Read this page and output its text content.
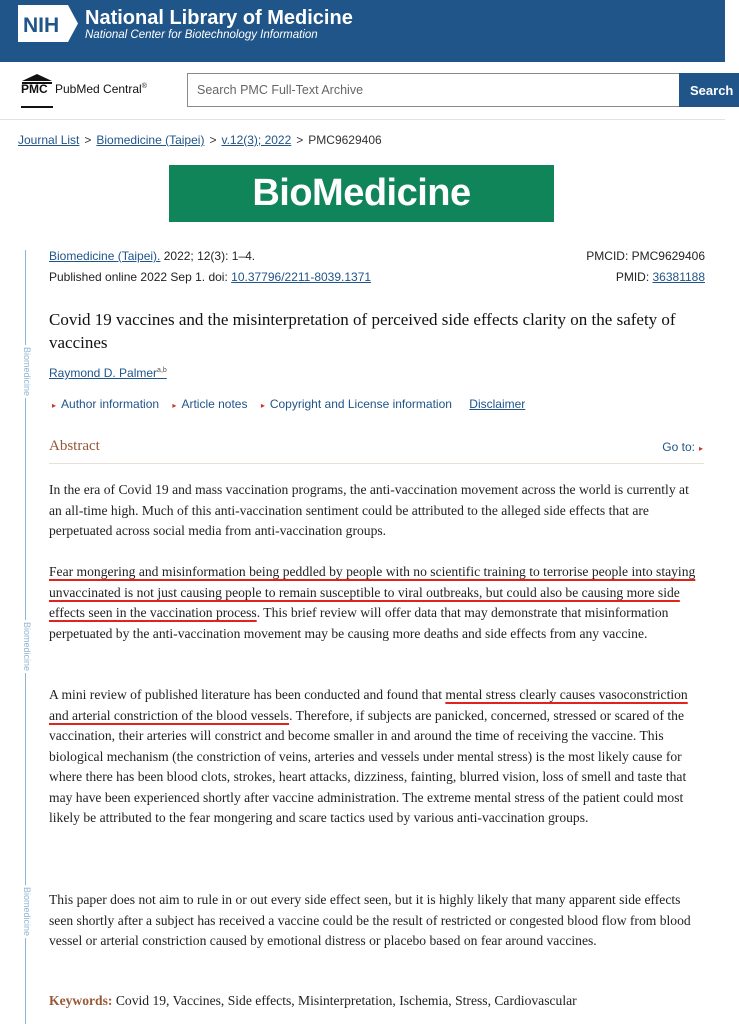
NIH National Library of Medicine
National Center for Biotechnology Information
PMC PubMed Central®
Search PMC Full-Text Archive	Search
Journal List > Biomedicine (Taipei) > v.12(3); 2022 > PMC9629406
BioMedicine
Biomedicine
Biomedicine
Biomedicine
Biomedicine (Taipei). 2022; 12(3): 1–4.
Published online 2022 Sep 1. doi: 10.37796/2211-8039.1371
PMCID: PMC9629406
PMID: 36381188
Covid 19 vaccines and the misinterpretation of perceived side effects clarity on the safety of vaccines
Raymond D. Palmer$^{a,b}$
▸ Author information ▸ Article notes ▸ Copyright and License information Disclaimer
Abstract	Go to: ▸
In the era of Covid 19 and mass vaccination programs, the anti-vaccination movement across the world is currently at an all-time high. Much of this anti-vaccination sentiment could be attributed to the alleged side effects that are perpetuated across social media from anti-vaccination groups.
Fear mongering and misinformation being peddled by people with no scientific training to terrorise people into staying unvaccinated is not just causing people to remain susceptible to viral outbreaks, but could also be causing more side effects seen in the vaccination process. This brief review will offer data that may demonstrate that misinformation perpetuated by the anti-vaccination movement may be causing more deaths and side effects from any vaccine.
A mini review of published literature has been conducted and found that mental stress clearly causes vasoconstriction and arterial constriction of the blood vessels. Therefore, if subjects are panicked, concerned, stressed or scared of the vaccination, their arteries will constrict and become smaller in and around the time of receiving the vaccine. This biological mechanism (the constriction of veins, arteries and vessels under mental stress) is the most likely cause for where there has been blood clots, strokes, heart attacks, dizziness, fainting, blurred vision, loss of smell and taste that may have been experienced shortly after vaccine administration. The extreme mental stress of the patient could most likely be attributed to the fear mongering and scare tactics used by various anti-vaccination groups.
This paper does not aim to rule in or out every side effect seen, but it is highly likely that many apparent side effects seen shortly after a subject has received a vaccine could be the result of restricted or congested blood flow from blood vessel or arterial constriction caused by emotional distress or placebo based on fear around vaccines.
Keywords: Covid 19, Vaccines, Side effects, Misinterpretation, Ischemia, Stress, Cardiovascular
